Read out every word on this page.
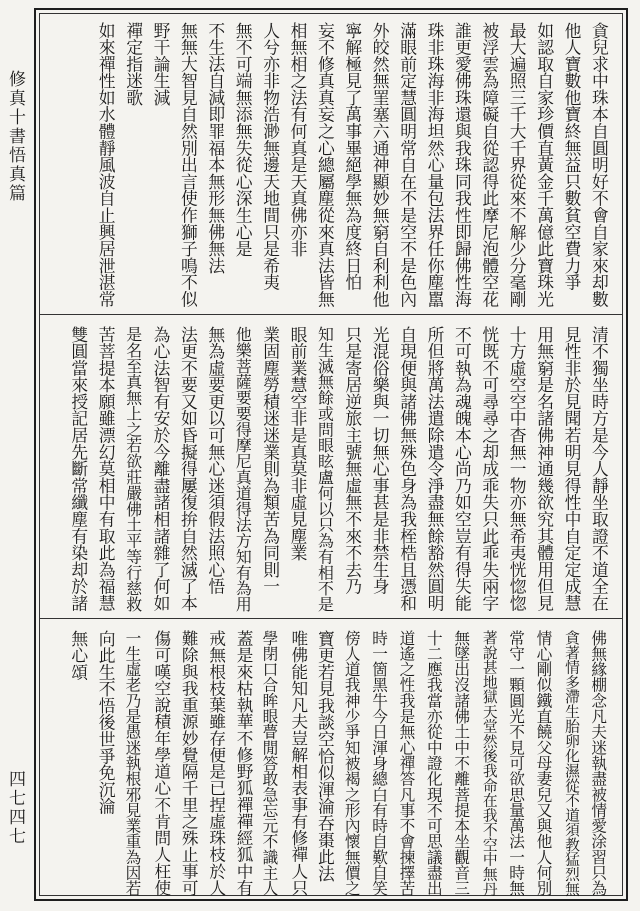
修真十書悟真篇
四七四七
貪兒求中珠本自圓明好不會自家來却數
他人寶數他寶終無益只數貧空費力爭
如認取自家珍價直黃金千萬億此寶珠光
最大遍照三千大千界從來不解少分毫剛
被浮雲為障礙自從認得此摩尼泡體空花
誰更愛佛珠還與我珠同我性即歸佛性海
珠非珠海非海坦然心量包法界任你塵嚚
滿眼前定慧圓明常自在不是空不是色內
外皎然無罣塞六通神顯妙無窮自利利他
寧解極見了萬事畢絕學無為度終日怕
妄不修真真妄之心總屬塵從來真法皆無
相無相之法有何真是天真佛亦非
人兮亦非物浩渺無邊天地間只是希夷
無不可端無添無失從心深生心是
不生法自減即罪福本無形無佛無法
無無大智見自然別出言使作獅子鳴不似
野干論生減
禪定指迷歌
如來禪性如水體靜風波自止興居泄湛常
清不獨坐時方是今人靜坐取證不道全在
見性非於見聞若明見得性中自定定成慧
用無窮是名諸佛神通幾欲究其體用但見
十方虛空空中杳無一物亦無希夷恍惚惚
恍既不可尋尋之却成乖失只此乖失兩字
不可執為魂魄本心尚乃如空豈有得失能
所但將萬法遣除遣令淨盡無餘豁然圓明
自現便與諸佛無殊色身為我桎梏且憑和
光混俗樂與一切無心事甚是非禁生身
只是寄居逆旅主號無虛無不來不去乃
知生滅無餘或問眼眩盧何以只為有相不是
眼前業慧空非是真莫非虛見塵業
業固塵勞積迷迷業則為類苦為同則一
他樂菩薩要要得摩尼真道得法方知有為用
無為虛要更以可無心迷須假法照心悟
法更不要又如昏擬得屢復拚自然滅了本
為心法智有安於今離盡諸相諸雜了何如
是名至真無上之若欲莊嚴佛土平等行慈救
苦菩提本願雖漂幻莫相中有取此為福慧
雙圓當來授記居先斷常纖塵有染却於諸
佛無緣棚念凡夫迷執盡被情愛涂習只為
貪著情多滯生胎卵化濕從不道須教猛烈無
情心剛似鐵直饒父母妻兒又與他人何別
常守一顆圓光不見可欲思量萬法一時無
著說甚地獄天堂然後我命在我不空中無丹
無墜出沒諸佛土中不離菩提本坐觀音三
十二應我當亦從中證化現不可思議盡出
道遙之性我是無心禪答凡事不會揀擇苦
時一箇黑牛今日渾身總白有時自歎自笑
傍人道我神少爭知被褐之形內懷無價之
寶更若見我談空恰似渾淪吞棗此法
唯佛能知凡夫豈解相表事有修禪人只
學閉口合眸眼瞢閒答敢急忘元不識主人
蓋是來枯執華不修野狐禪禪經狐中有
戒無根枝葉雖存便是已捏虛珠枝於人
難除與我重源妙覺隔千里之殊止事可
傷可嘆空說積年學道心不肯問人枉使
一生虛老乃是愚迷執根邪見業重為因若
向此生不悟後世爭免沉淪
無心頌
